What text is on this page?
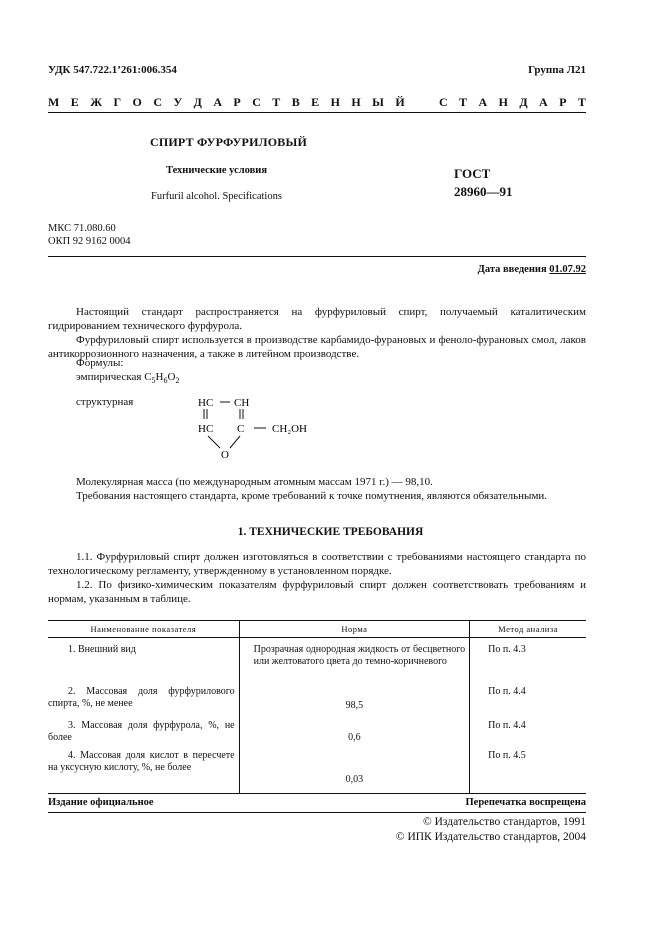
УДК 547.722.1’261:006.354	Группа Л21
М Е Ж Г О С У Д А Р С Т В Е Н Н Ы Й	С Т А Н Д А Р Т
СПИРТ ФУРФУРИЛОВЫЙ
Технические условия
Furfuril alcohol. Specifications
ГОСТ
28960—91
МКС 71.080.60
ОКП 92 9162 0004
Дата введения 01.07.92

Настоящий стандарт распространяется на фурфуриловый спирт, получаемый каталитическим гидрированием технического фурфурола.

Фурфуриловый спирт используется в производстве карбамидо-фурановых и феноло-фурановых смол, лаков антикоррозионного назначения, а также в литейном производстве.

Формулы:
эмпирическая $C_5H_6O_2$
структурная	HC CH
HC C	CH₂OH
O

Молекулярная масса (по международным атомным массам 1971 г.) — 98,10.

Требования настоящего стандарта, кроме требований к точке помутнения, являются обязательными.

1. ТЕХНИЧЕСКИЕ ТРЕБОВАНИЯ

1.1. Фурфуриловый спирт должен изготовляться в соответствии с требованиями настоящего стандарта по технологическому регламенту, утвержденному в установленном порядке.

1.2. По физико-химическим показателям фурфуриловый спирт должен соответствовать требованиям и нормам, указанным в таблице.

Наименование показателя	Норма	Метод анализа
1. Внешний вид	Прозрачная однородная жидкость от бесцветного или желтоватого цвета до темно-коричневого	По п. 4.3
2. Массовая доля фурфурилового спирта, %, не менее	98,5	По п. 4.4
3. Массовая доля фурфурола, %, не более	0,6	По п. 4.4
4. Массовая доля кислот в пересчете на уксусную кислоту, %, не более	0,03	По п. 4.5
Издание официальное	Перепечатка воспрещена
© Издательство стандартов, 1991
© ИПК Издательство стандартов, 2004
